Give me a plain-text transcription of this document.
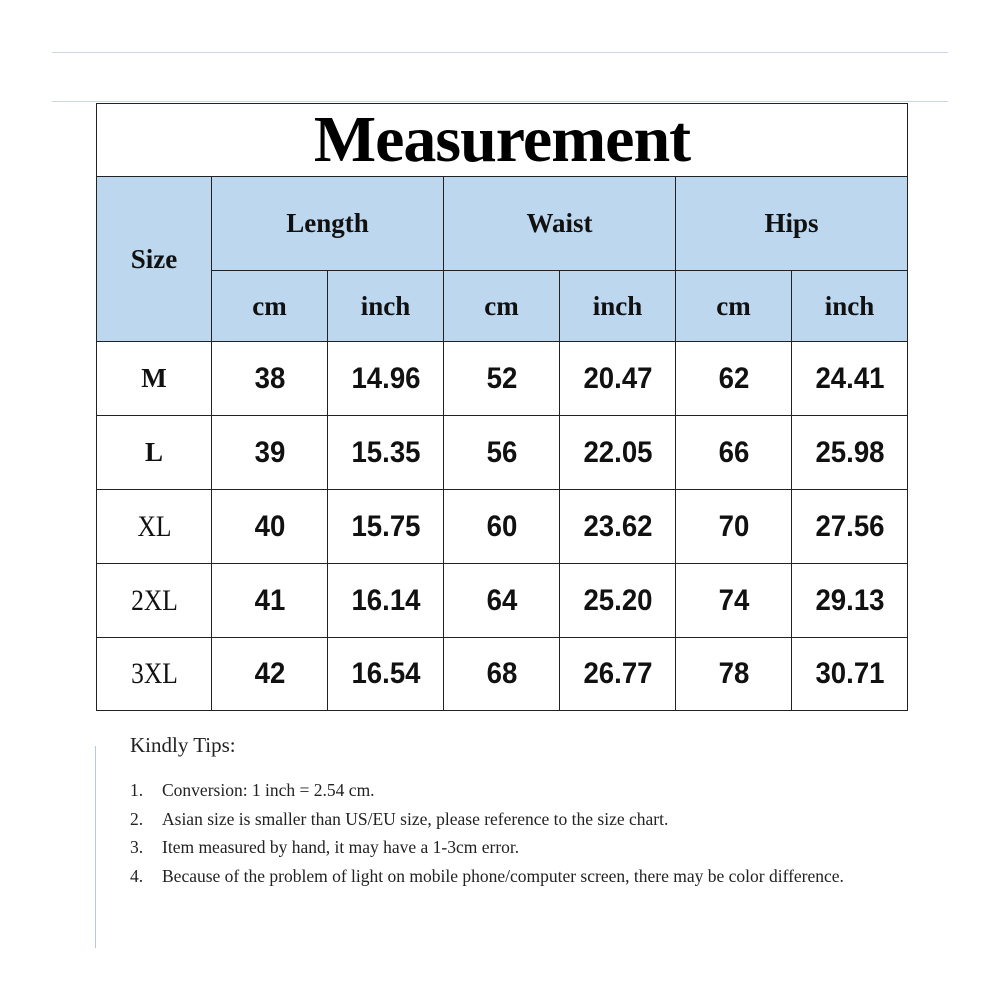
Measurement						
Size	Length		Waist		Hips	
	cm	inch	cm	inch	cm	inch
M	38	14.96	52	20.47	62	24.41
L	39	15.35	56	22.05	66	25.98
XL	40	15.75	60	23.62	70	27.56
2XL	41	16.14	64	25.20	74	29.13
3XL	42	16.54	68	26.77	78	30.71
Kindly Tips:
1.	Conversion: 1 inch = 2.54 cm.
2.	Asian size is smaller than US/EU size, please reference to the size chart.
3.	Item measured by hand, it may have a 1-3cm error.
4.	Because of the problem of light on mobile phone/computer screen, there may be color difference.
